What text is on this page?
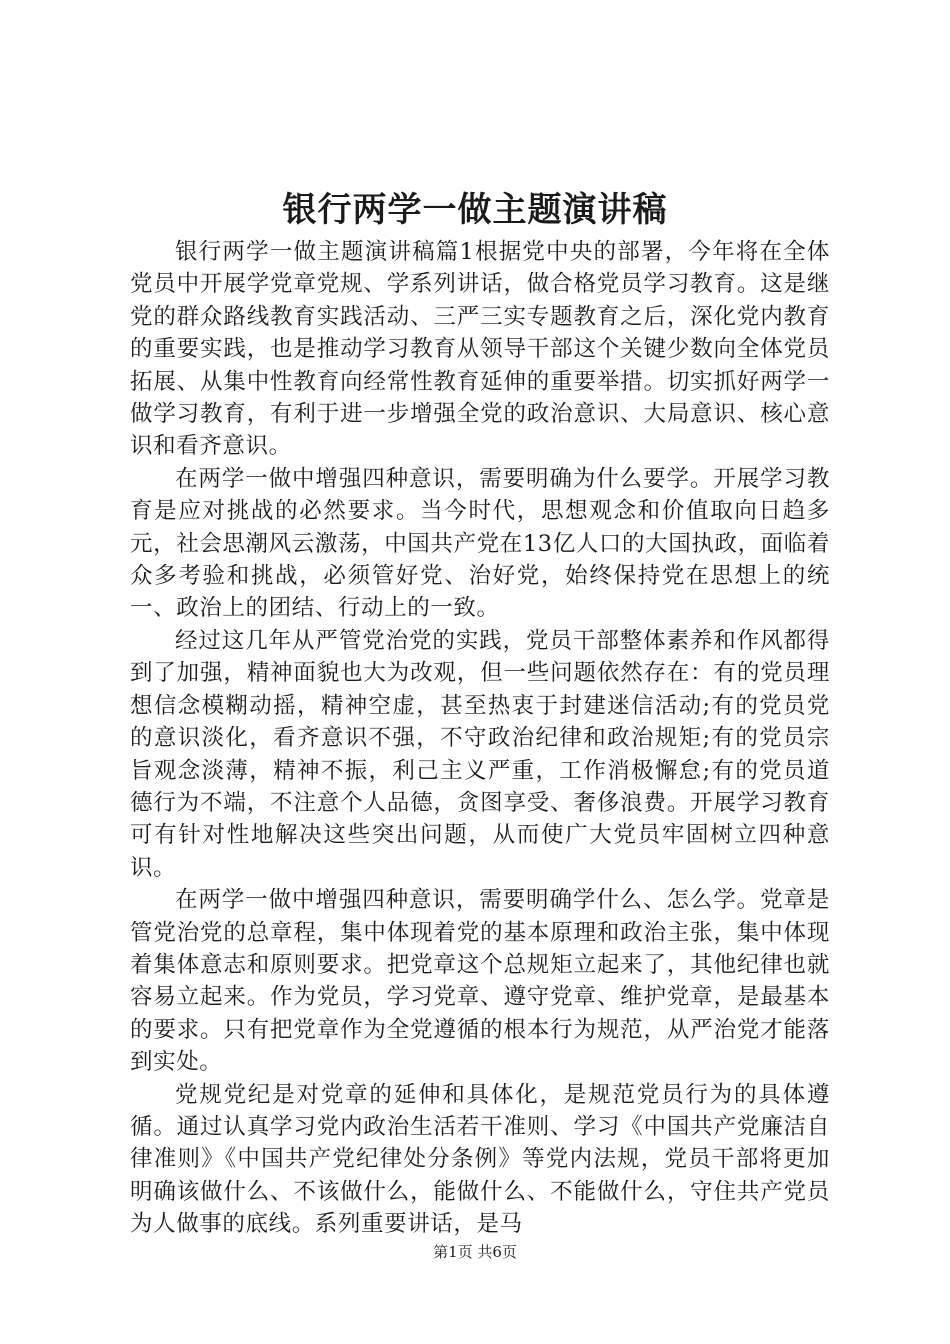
银行两学一做主题演讲稿

银行两学一做主题演讲稿篇1根据党中央的部署，今年将在全体党员中开展学党章党规、学系列讲话，做合格党员学习教育。这是继党的群众路线教育实践活动、三严三实专题教育之后，深化党内教育的重要实践，也是推动学习教育从领导干部这个关键少数向全体党员拓展、从集中性教育向经常性教育延伸的重要举措。切实抓好两学一做学习教育，有利于进一步增强全党的政治意识、大局意识、核心意识和看齐意识。

在两学一做中增强四种意识，需要明确为什么要学。开展学习教育是应对挑战的必然要求。当今时代，思想观念和价值取向日趋多元，社会思潮风云激荡，中国共产党在13亿人口的大国执政，面临着众多考验和挑战，必须管好党、治好党，始终保持党在思想上的统一、政治上的团结、行动上的一致。

经过这几年从严管党治党的实践，党员干部整体素养和作风都得到了加强，精神面貌也大为改观，但一些问题依然存在：有的党员理想信念模糊动摇，精神空虚，甚至热衷于封建迷信活动;有的党员党的意识淡化，看齐意识不强，不守政治纪律和政治规矩;有的党员宗旨观念淡薄，精神不振，利己主义严重，工作消极懈怠;有的党员道德行为不端，不注意个人品德，贪图享受、奢侈浪费。开展学习教育可有针对性地解决这些突出问题，从而使广大党员牢固树立四种意识。

在两学一做中增强四种意识，需要明确学什么、怎么学。党章是管党治党的总章程，集中体现着党的基本原理和政治主张，集中体现着集体意志和原则要求。把党章这个总规矩立起来了，其他纪律也就容易立起来。作为党员，学习党章、遵守党章、维护党章，是最基本的要求。只有把党章作为全党遵循的根本行为规范，从严治党才能落到实处。

党规党纪是对党章的延伸和具体化，是规范党员行为的具体遵循。通过认真学习党内政治生活若干准则、学习《中国共产党廉洁自律准则》《中国共产党纪律处分条例》等党内法规，党员干部将更加明确该做什么、不该做什么，能做什么、不能做什么，守住共产党员为人做事的底线。系列重要讲话，是马

第1页 共6页
